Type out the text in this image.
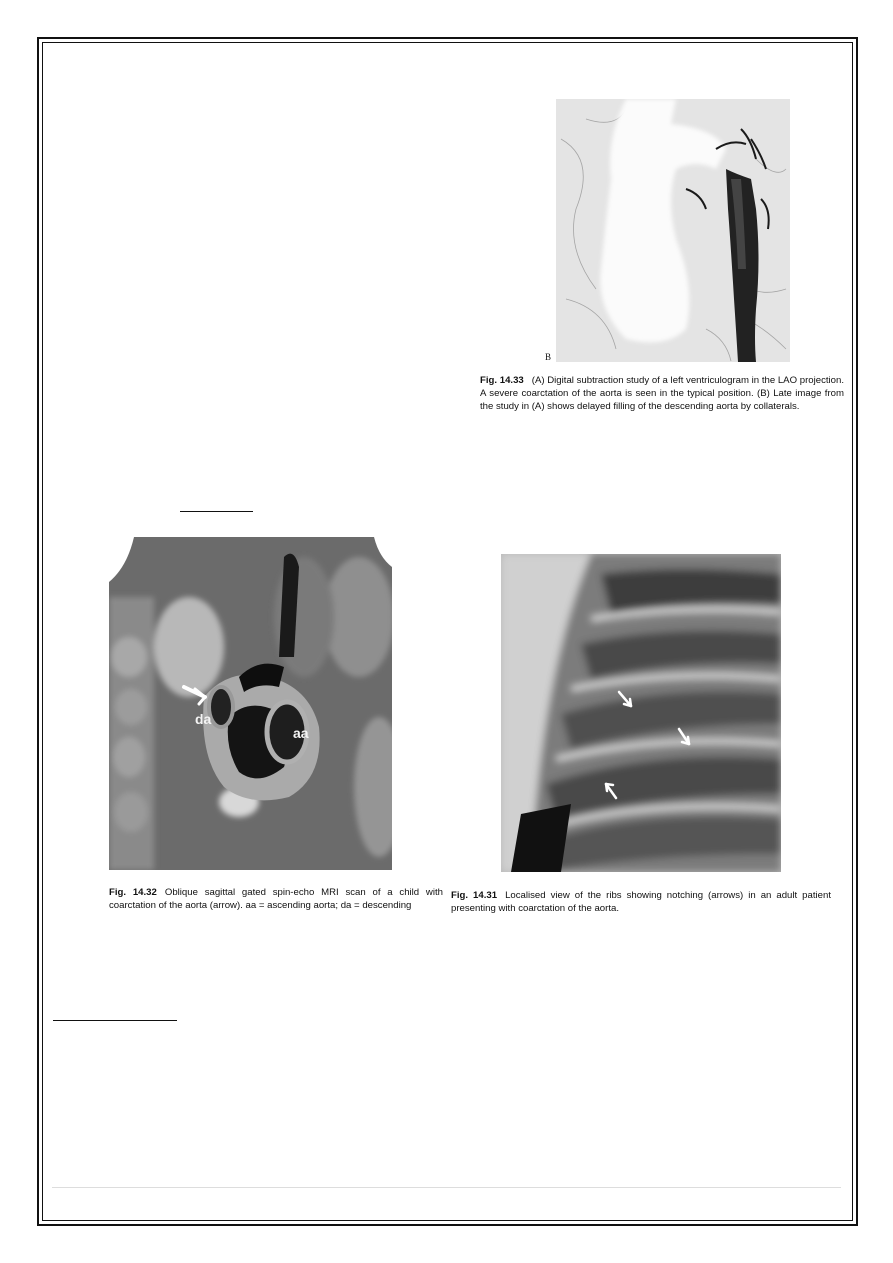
B
Fig. 14.33 (A) Digital subtraction study of a left ventriculogram in the LAO projection. A severe coarctation of the aorta is seen in the typical position. (B) Late image from the study in (A) shows delayed filling of the descending aorta by collaterals.
da
aa
Fig. 14.32 Oblique sagittal gated spin-echo MRI scan of a child with coarctation of the aorta (arrow). aa = ascending aorta; da = descending
Fig. 14.31 Localised view of the ribs showing notching (arrows) in an adult patient presenting with coarctation of the aorta.
